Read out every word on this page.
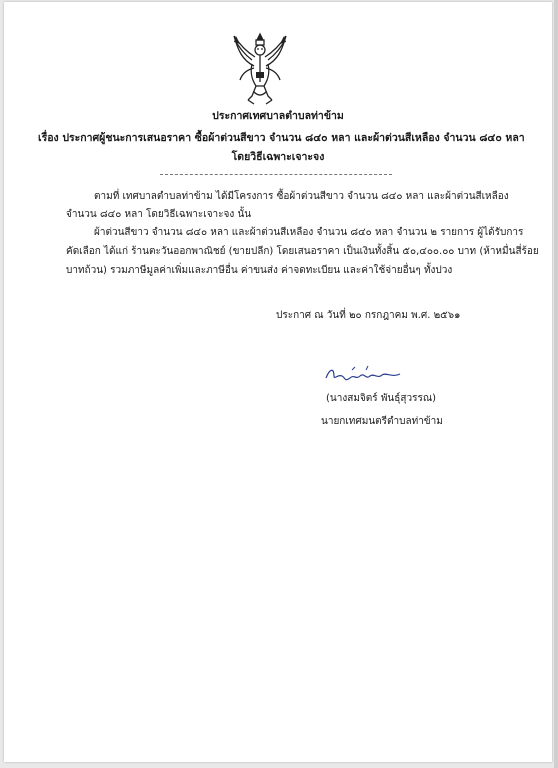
ประกาศเทศบาลตำบลท่าข้าม
เรื่อง ประกาศผู้ชนะการเสนอราคา ซื้อผ้าต่วนสีขาว จำนวน ๘๔๐ หลา และผ้าต่วนสีเหลือง จำนวน ๘๔๐ หลา
โดยวิธีเฉพาะเจาะจง
ตามที่ เทศบาลตำบลท่าข้าม ได้มีโครงการ ซื้อผ้าต่วนสีขาว จำนวน ๘๔๐ หลา และผ้าต่วนสีเหลือง
จำนวน ๘๔๐ หลา โดยวิธีเฉพาะเจาะจง นั้น
ผ้าต่วนสีขาว จำนวน ๘๔๐ หลา และผ้าต่วนสีเหลือง จำนวน ๘๔๐ หลา จำนวน ๒ รายการ ผู้ได้รับการ
คัดเลือก ได้แก่ ร้านตะวันออกพาณิชย์ (ขายปลีก) โดยเสนอราคา เป็นเงินทั้งสิ้น ๕๐,๔๐๐.๐๐ บาท (ห้าหมื่นสี่ร้อย
บาทถ้วน) รวมภาษีมูลค่าเพิ่มและภาษีอื่น ค่าขนส่ง ค่าจดทะเบียน และค่าใช้จ่ายอื่นๆ ทั้งปวง
ประกาศ ณ วันที่ ๒๐ กรกฎาคม พ.ศ. ๒๕๖๑
(นางสมจิตร์ พันธุ์สุวรรณ)
นายกเทศมนตรีตำบลท่าข้าม
